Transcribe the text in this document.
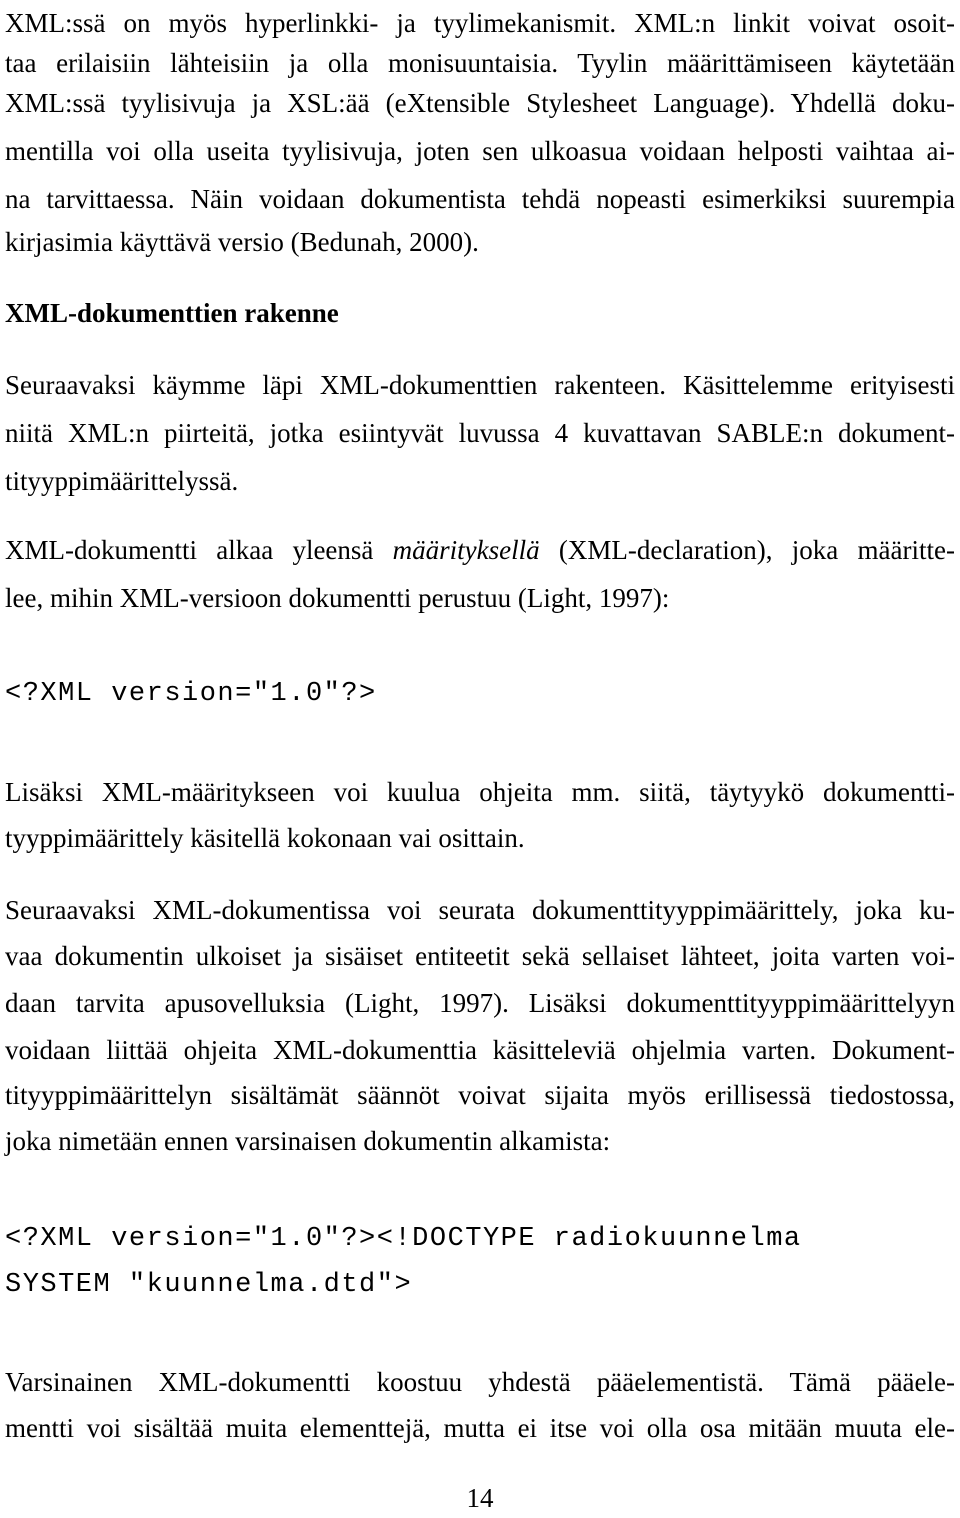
XML:ssä on myös hyperlinkki- ja tyylimekanismit. XML:n linkit voivat osoit-
taa erilaisiin lähteisiin ja olla monisuuntaisia. Tyylin määrittämiseen käytetään
XML:ssä tyylisivuja ja XSL:ää (eXtensible Stylesheet Language). Yhdellä doku-
mentilla voi olla useita tyylisivuja, joten sen ulkoasua voidaan helposti vaihtaa ai-
na tarvittaessa. Näin voidaan dokumentista tehdä nopeasti esimerkiksi suurempia
kirjasimia käyttävä versio (Bedunah, 2000).
XML-dokumenttien rakenne
Seuraavaksi käymme läpi XML-dokumenttien rakenteen. Käsittelemme erityisesti
niitä XML:n piirteitä, jotka esiintyvät luvussa 4 kuvattavan SABLE:n dokument-
tityyppimäärittelyssä.
XML-dokumentti alkaa yleensä määrityksellä (XML-declaration), joka määritte-
lee, mihin XML-versioon dokumentti perustuu (Light, 1997):
<?XML version="1.0"?>
Lisäksi XML-määritykseen voi kuulua ohjeita mm. siitä, täytyykö dokumentti-
tyyppimäärittely käsitellä kokonaan vai osittain.
Seuraavaksi XML-dokumentissa voi seurata dokumenttityyppimäärittely, joka ku-
vaa dokumentin ulkoiset ja sisäiset entiteetit sekä sellaiset lähteet, joita varten voi-
daan tarvita apusovelluksia (Light, 1997). Lisäksi dokumenttityyppimäärittelyyn
voidaan liittää ohjeita XML-dokumenttia käsitteleviä ohjelmia varten. Dokument-
tityyppimäärittelyn sisältämät säännöt voivat sijaita myös erillisessä tiedostossa,
joka nimetään ennen varsinaisen dokumentin alkamista:
<?XML version="1.0"?><!DOCTYPE radiokuunnelma
SYSTEM "kuunnelma.dtd">
Varsinainen XML-dokumentti koostuu yhdestä pääelementistä. Tämä pääele-
mentti voi sisältää muita elementtejä, mutta ei itse voi olla osa mitään muuta ele-
14
